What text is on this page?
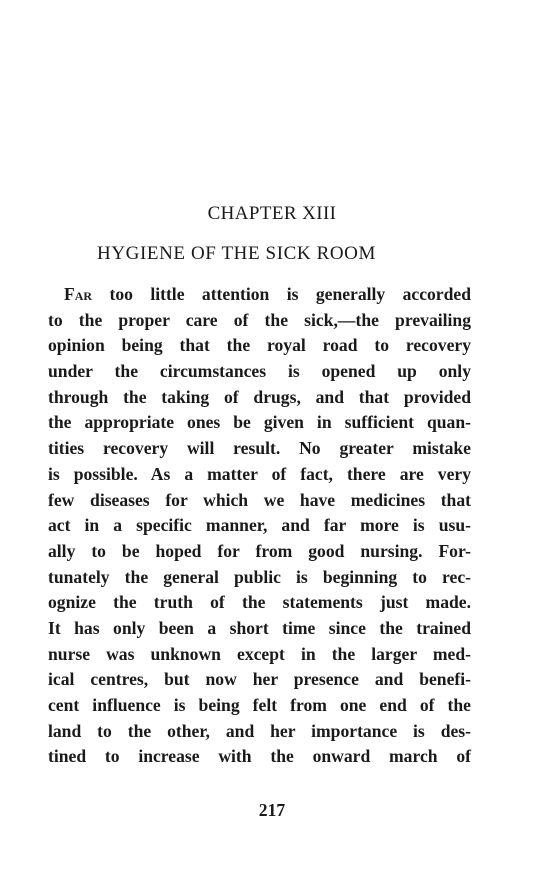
CHAPTER XIII
HYGIENE OF THE SICK ROOM
Far too little attention is generally accorded
to the proper care of the sick,—the prevailing
opinion being that the royal road to recovery
under the circumstances is opened up only
through the taking of drugs, and that provided
the appropriate ones be given in sufficient quan-
tities recovery will result. No greater mistake
is possible. As a matter of fact, there are very
few diseases for which we have medicines that
act in a specific manner, and far more is usu-
ally to be hoped for from good nursing. For-
tunately the general public is beginning to rec-
ognize the truth of the statements just made.
It has only been a short time since the trained
nurse was unknown except in the larger med-
ical centres, but now her presence and benefi-
cent influence is being felt from one end of the
land to the other, and her importance is des-
tined to increase with the onward march of
217
